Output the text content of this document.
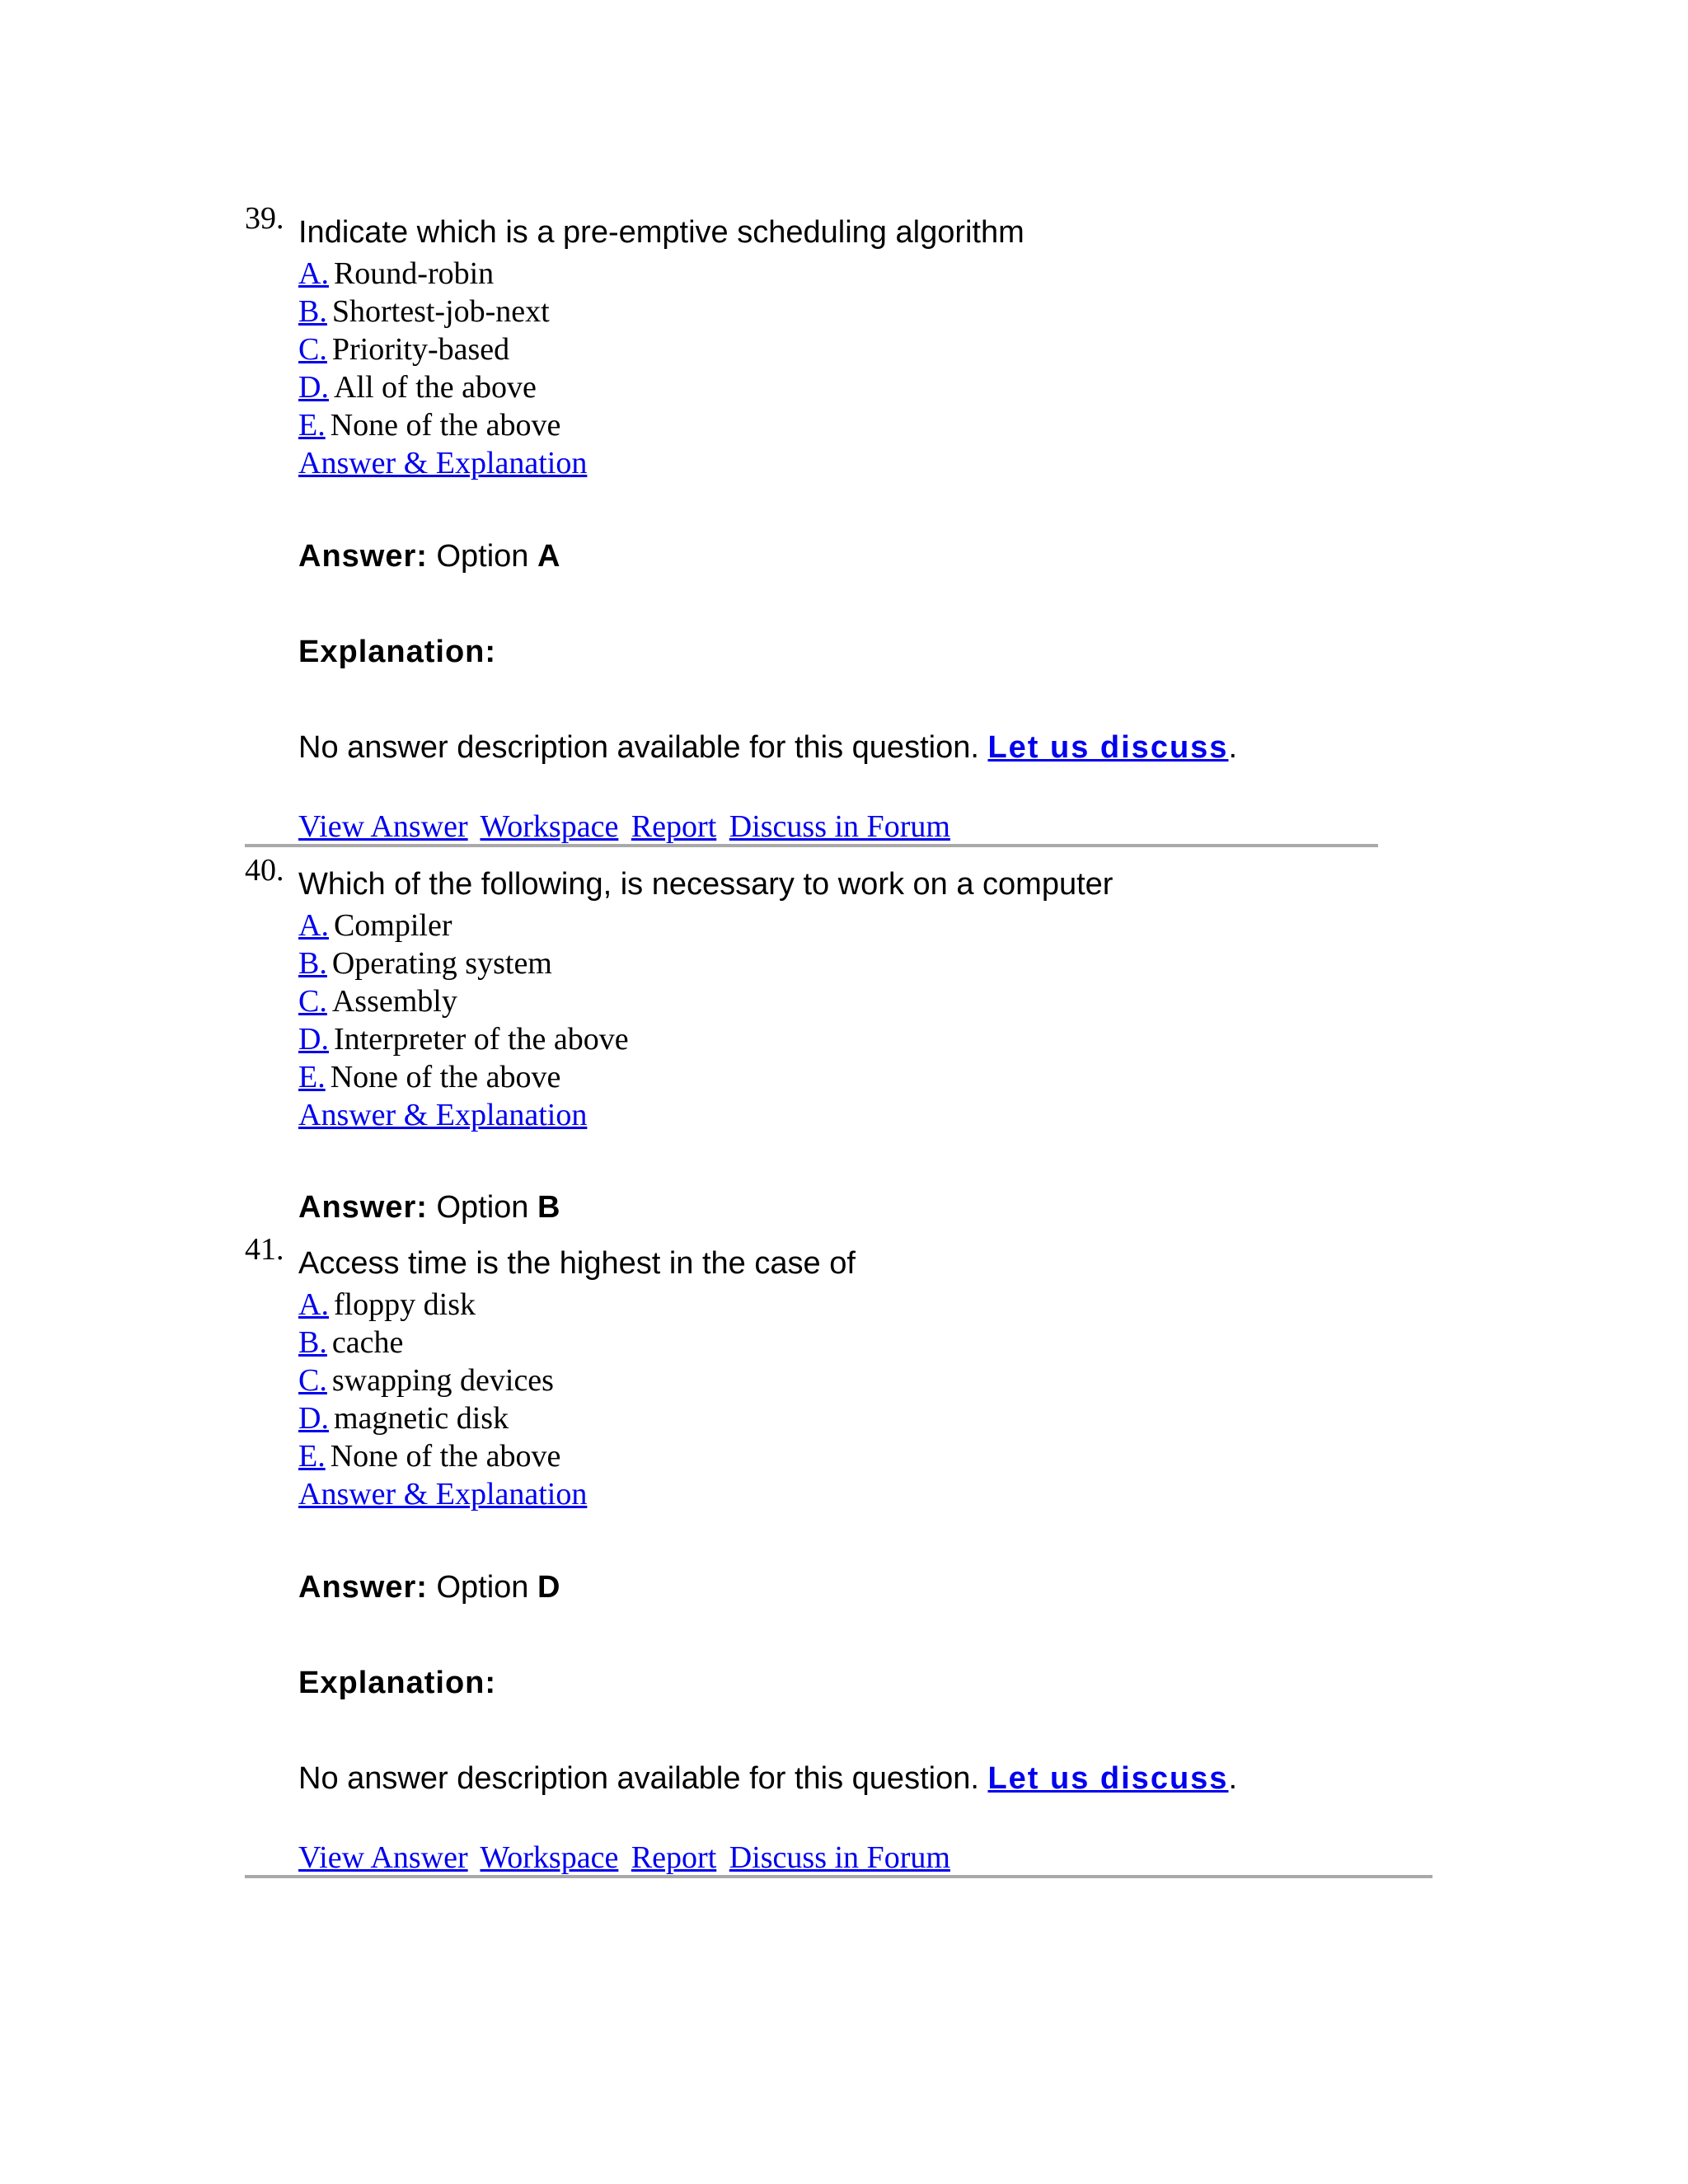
39. Indicate which is a pre-emptive scheduling algorithm
A. Round-robin
B. Shortest-job-next
C. Priority-based
D. All of the above
E. None of the above
Answer & Explanation
Answer: Option A
Explanation:
No answer description available for this question. Let us discuss.
View Answer Workspace Report Discuss in Forum
40. Which of the following, is necessary to work on a computer
A. Compiler
B. Operating system
C. Assembly
D. Interpreter of the above
E. None of the above
Answer & Explanation
Answer: Option B
41. Access time is the highest in the case of
A. floppy disk
B. cache
C. swapping devices
D. magnetic disk
E. None of the above
Answer & Explanation
Answer: Option D
Explanation:
No answer description available for this question. Let us discuss.
View Answer Workspace Report Discuss in Forum
